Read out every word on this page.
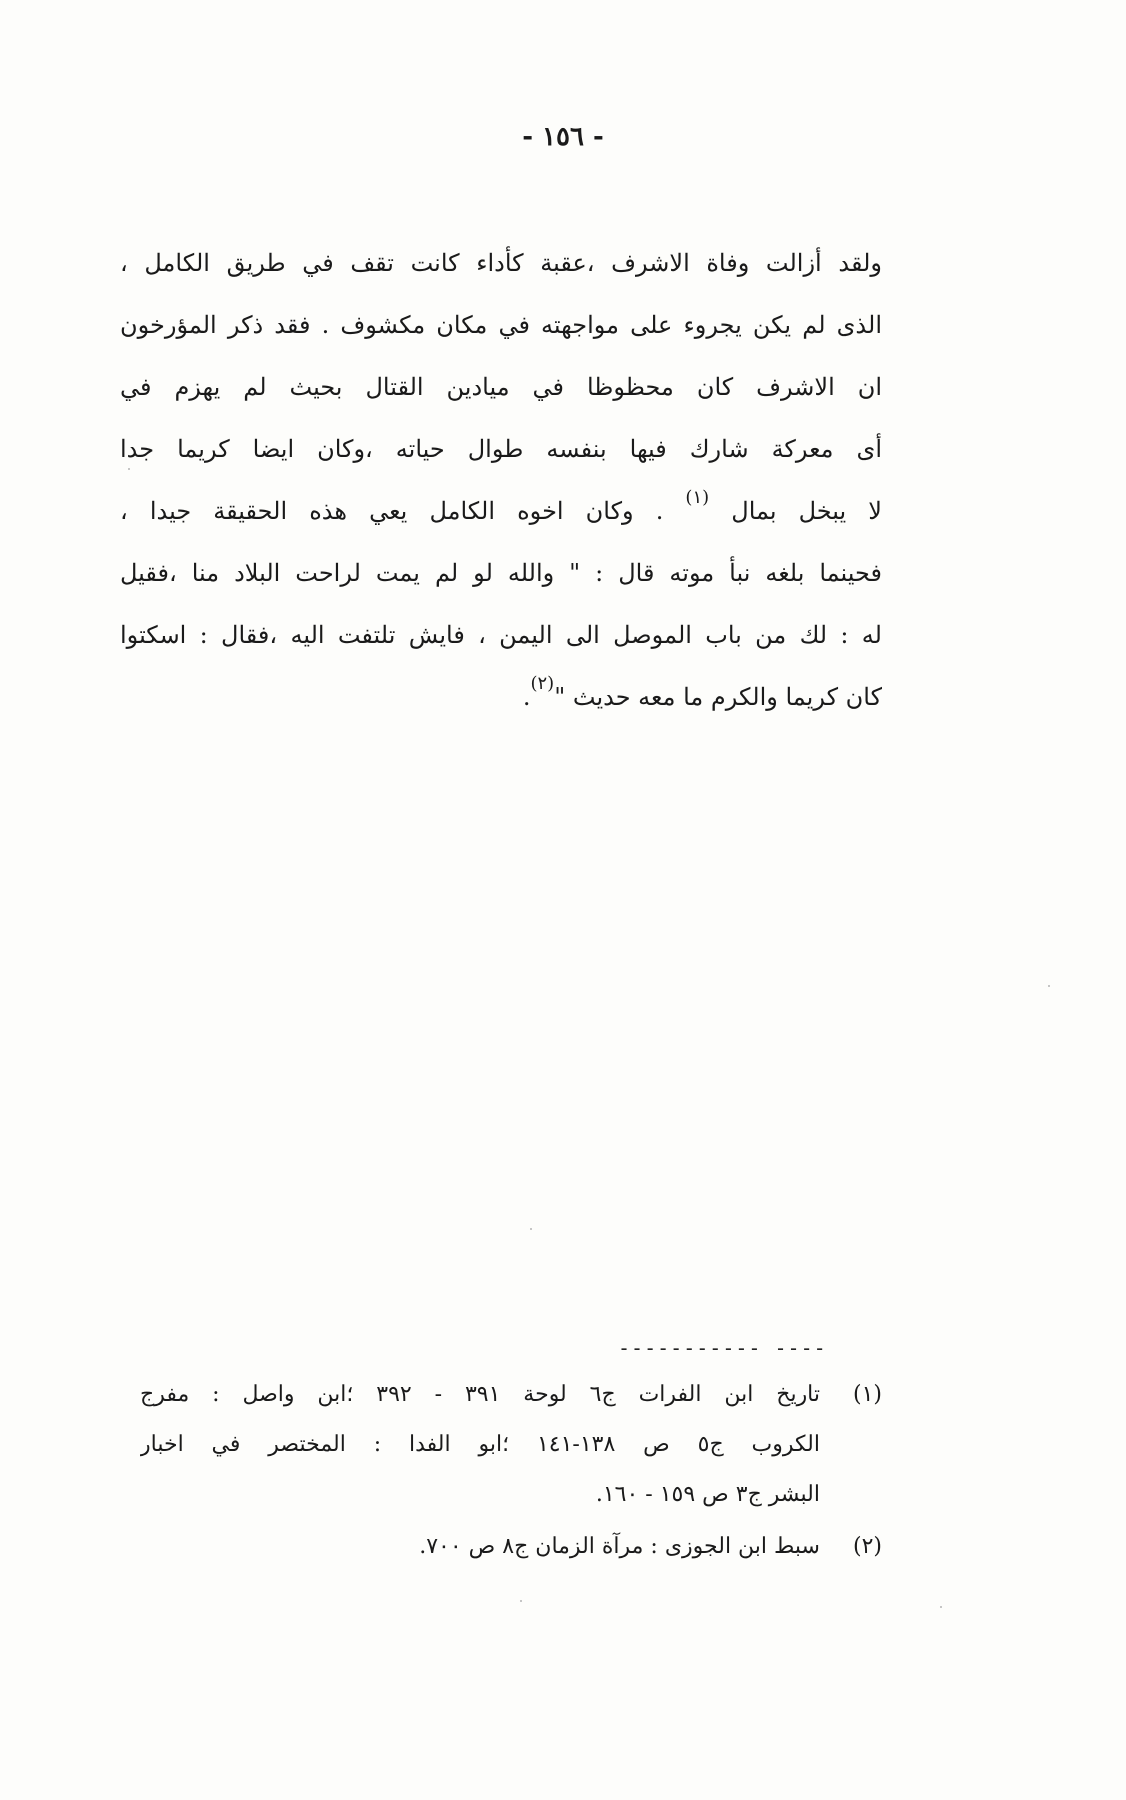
- ١٥٦ -
ولقد أزالت وفاة الاشرف ،عقبة كأداء كانت تقف في طريق الكامل ،
الذى لم يكن يجروء على مواجهته في مكان مكشوف . فقد ذكر المؤرخون
ان الاشرف كان محظوظا في ميادين القتال بحيث لم يهزم في
أى معركة شارك فيها بنفسه طوال حياته ،وكان ايضا كريما جدا
لا يبخل بمال $^{(١)}$ . وكان اخوه الكامل يعي هذه الحقيقة جيدا ،
فحينما بلغه نبأ موته قال : " والله لو لم يمت لراحت البلاد منا ،فقيل
له : لك من باب الموصل الى اليمن ، فايش تلتفت اليه ،فقال : اسكتوا
كان كريما والكرم ما معه حديث "$^{(٢)}$.
----------- ----
(١)
تاريخ ابن الفرات ج٦ لوحة ٣٩١ - ٣٩٢ ؛ابن واصل : مفرج
الكروب ج٥ ص ١٣٨-١٤١ ؛ابو الفدا : المختصر في اخبار
البشر ج٣ ص ١٥٩ - ١٦٠.
(٢)
سبط ابن الجوزى : مرآة الزمان ج٨ ص ٧٠٠.
